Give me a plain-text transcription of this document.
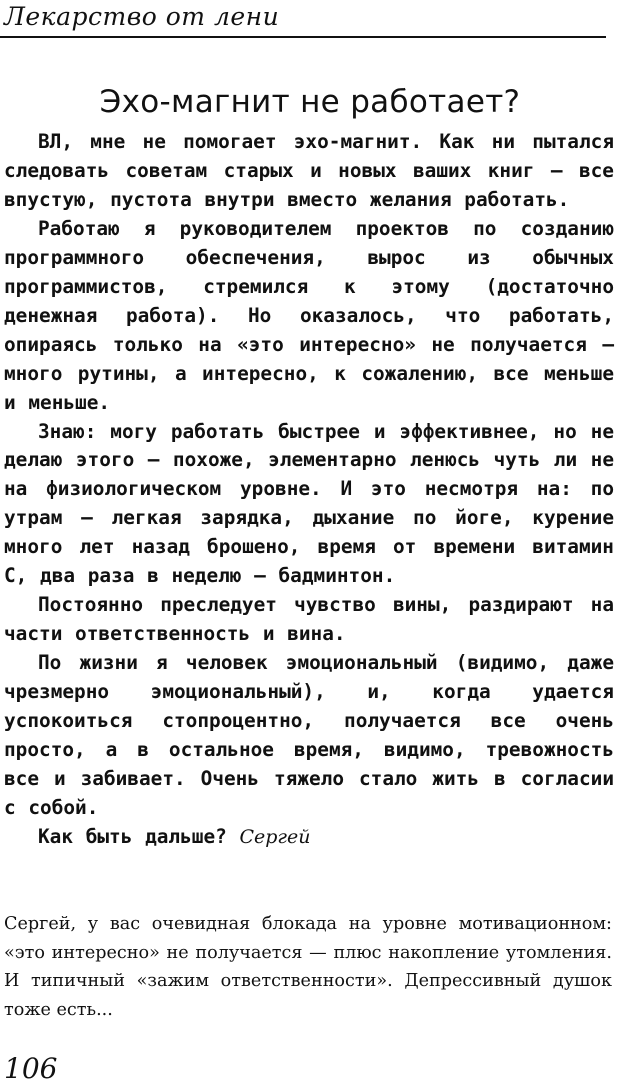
Лекарство от лени
Эхо-магнит не работает?

ВЛ, мне не помогает эхо-магнит. Как ни пытался следовать советам старых и новых ваших книг – все впустую, пустота внутри вместо желания работать.

Работаю я руководителем проектов по созданию программного обеспечения, вырос из обычных программистов, стремился к этому (достаточно денежная работа). Но оказалось, что работать, опираясь только на «это интересно» не получается – много рутины, а интересно, к сожалению, все меньше и меньше.

Знаю: могу работать быстрее и эффективнее, но не делаю этого — похоже, элементарно ленюсь чуть ли не на физиологическом уровне. И это несмотря на: по утрам – легкая зарядка, дыхание по йоге, курение много лет назад брошено, время от времени витамин С, два раза в неделю – бадминтон.

Постоянно преследует чувство вины, раздирают на части ответственность и вина.

По жизни я человек эмоциональный (видимо, даже чрезмерно эмоциональный), и, когда удается успокоиться стопроцентно, получается все очень просто, а в остальное время, видимо, тревожность все и забивает. Очень тяжело стало жить в согласии с собой.

Как быть дальше? Сергей

Сергей, у вас очевидная блокада на уровне мотивационном: «это интересно» не получается — плюс накопление утомления. И типичный «зажим ответственности». Депрессивный душок тоже есть...

106
